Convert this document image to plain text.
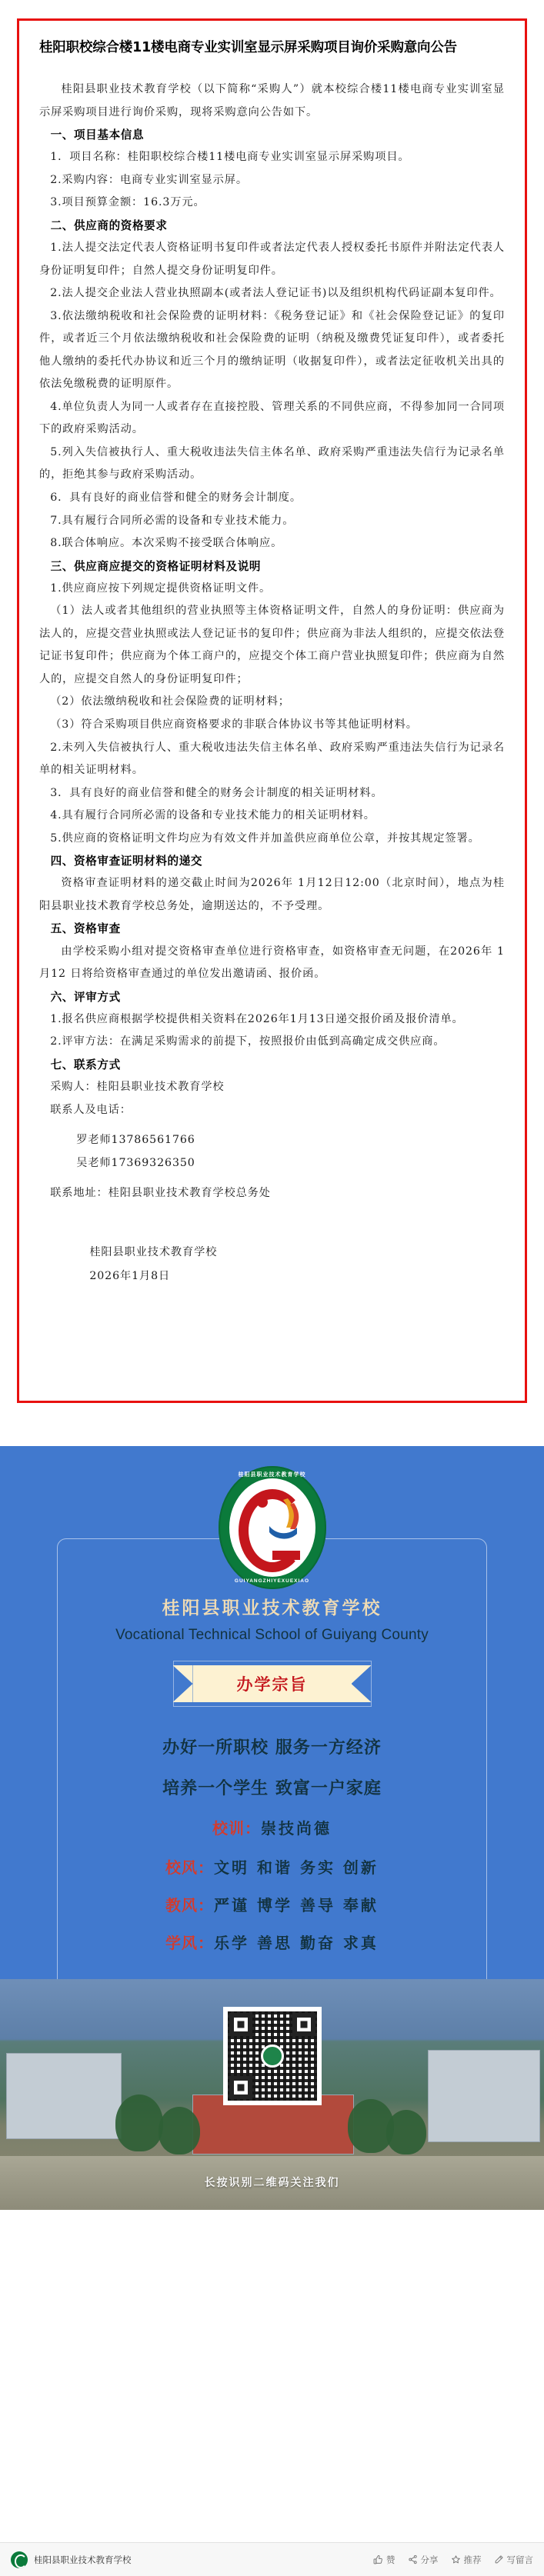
桂阳职校综合楼11楼电商专业实训室显示屏采购项目询价采购意向公告

桂阳县职业技术教育学校（以下简称“采购人”）就本校综合楼11楼电商专业实训室显示屏采购项目进行询价采购，现将采购意向公告如下。

一、项目基本信息

1．项目名称：桂阳职校综合楼11楼电商专业实训室显示屏采购项目。

2.采购内容：电商专业实训室显示屏。

3.项目预算金额：16.3万元。

二、供应商的资格要求

1.法人提交法定代表人资格证明书复印件或者法定代表人授权委托书原件并附法定代表人身份证明复印件；自然人提交身份证明复印件。

2.法人提交企业法人营业执照副本(或者法人登记证书)以及组织机构代码证副本复印件。

3.依法缴纳税收和社会保险费的证明材料：《税务登记证》和《社会保险登记证》的复印件，或者近三个月依法缴纳税收和社会保险费的证明（纳税及缴费凭证复印件），或者委托他人缴纳的委托代办协议和近三个月的缴纳证明（收据复印件），或者法定征收机关出具的依法免缴税费的证明原件。

4.单位负责人为同一人或者存在直接控股、管理关系的不同供应商，不得参加同一合同项下的政府采购活动。

5.列入失信被执行人、重大税收违法失信主体名单、政府采购严重违法失信行为记录名单的，拒绝其参与政府采购活动。

6．具有良好的商业信誉和健全的财务会计制度。

7.具有履行合同所必需的设备和专业技术能力。

8.联合体响应。本次采购不接受联合体响应。

三、供应商应提交的资格证明材料及说明

1.供应商应按下列规定提供资格证明文件。

（1）法人或者其他组织的营业执照等主体资格证明文件，自然人的身份证明：供应商为法人的，应提交营业执照或法人登记证书的复印件；供应商为非法人组织的，应提交依法登记证书复印件；供应商为个体工商户的，应提交个体工商户营业执照复印件；供应商为自然人的，应提交自然人的身份证明复印件；

（2）依法缴纳税收和社会保险费的证明材料；

（3）符合采购项目供应商资格要求的非联合体协议书等其他证明材料。

2.未列入失信被执行人、重大税收违法失信主体名单、政府采购严重违法失信行为记录名单的相关证明材料。

3．具有良好的商业信誉和健全的财务会计制度的相关证明材料。

4.具有履行合同所必需的设备和专业技术能力的相关证明材料。

5.供应商的资格证明文件均应为有效文件并加盖供应商单位公章，并按其规定签署。

四、资格审查证明材料的递交

资格审查证明材料的递交截止时间为2026年 1月12日12:00（北京时间），地点为桂阳县职业技术教育学校总务处，逾期送达的，不予受理。

五、资格审查

由学校采购小组对提交资格审查单位进行资格审查，如资格审查无问题，在2026年 1 月12 日将给资格审查通过的单位发出邀请函、报价函。

六、评审方式

1.报名供应商根据学校提供相关资料在2026年1月13日递交报价函及报价清单。

2.评审方法：在满足采购需求的前提下，按照报价由低到高确定成交供应商。

七、联系方式

采购人：桂阳县职业技术教育学校

联系人及电话：

罗老师13786561766

吴老师17369326350

联系地址：桂阳县职业技术教育学校总务处

桂阳县职业技术教育学校
2026年1月8日
桂阳县职业技术教育学校
GUIYANGZHIYEXUEXIAO
桂阳县职业技术教育学校
Vocational Technical School of Guiyang County
办学宗旨
办好一所职校 服务一方经济
培养一个学生 致富一户家庭
校训：崇技尚德
校风：文明 和谐 务实 创新
教风：严谨 博学 善导 奉献
学风：乐学 善思 勤奋 求真
长按识别二维码关注我们
桂阳县职业技术教育学校	赞	分享	推荐	写留言
